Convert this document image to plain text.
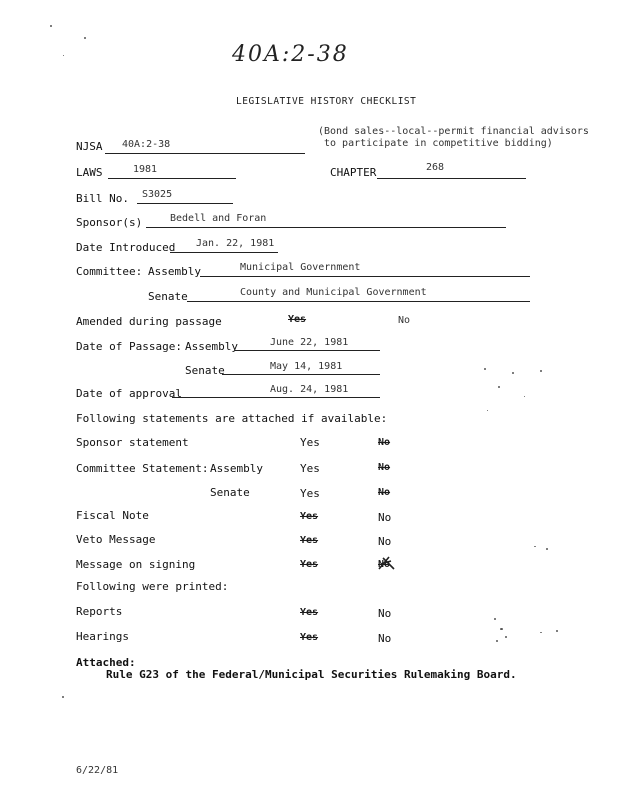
40A:2-38
LEGISLATIVE HISTORY CHECKLIST
(Bond sales--local--permit financial advisors
to participate in competitive bidding)
NJSA 40A:2-38
LAWS	1981	CHAPTER	268
Bill No. S3025
Sponsor(s)	Bedell and Foran
Date Introduced Jan. 22, 1981
Committee: Assembly	Municipal Government
Senate	County and Municipal Government
Amended during passage	Yes	No
Date of Passage: Assembly	June 22, 1981
Senate	May 14, 1981
Date of approval	Aug. 24, 1981
Following statements are attached if available:
Sponsor statement	Yes	No
Committee Statement: Assembly	Yes	No
Senate	Yes	No
Fiscal Note	Yes	No
Veto Message	Yes	No
Message on signing	Yes	No
Following were printed:
Reports	Yes	No
Hearings	Yes	No
Attached:
Rule G23 of the Federal/Municipal Securities Rulemaking Board.
6/22/81
